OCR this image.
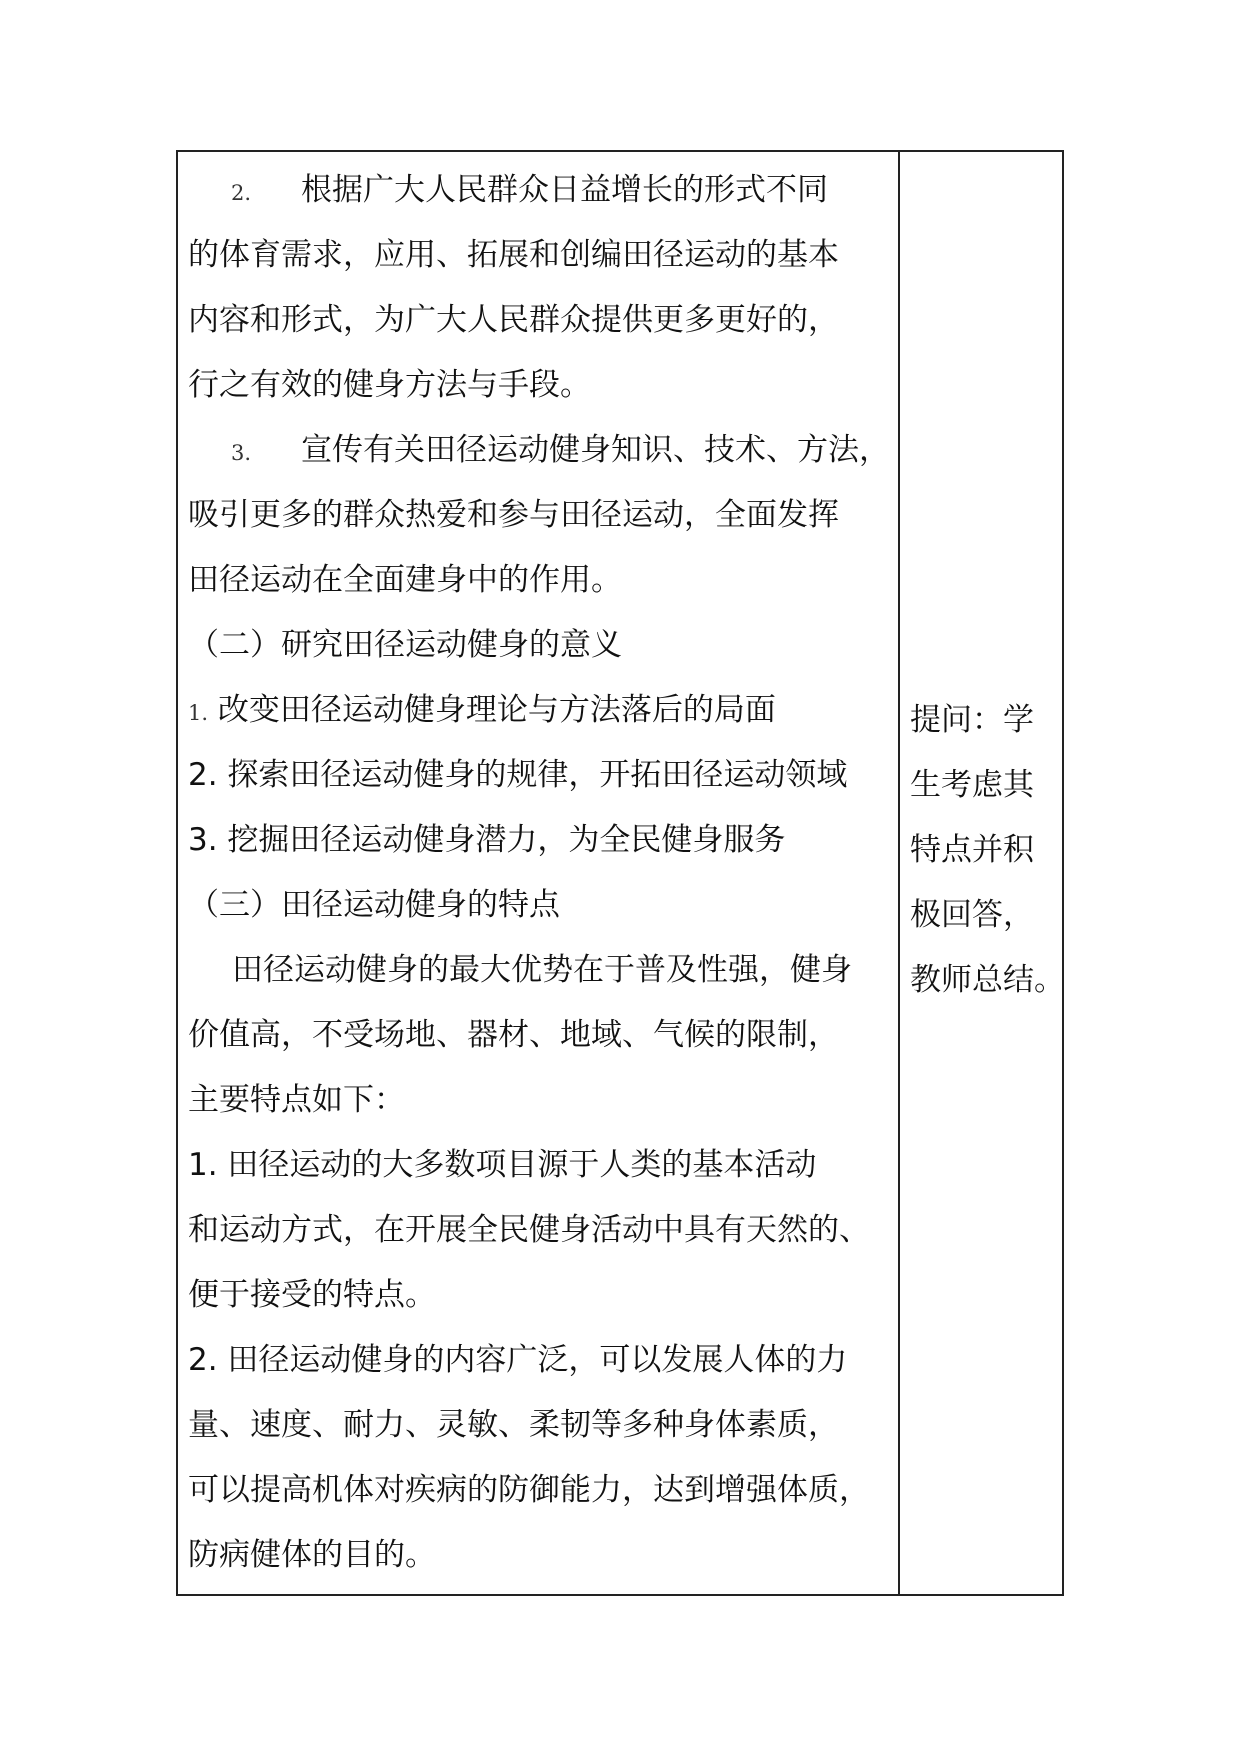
2. 根据广大人民群众日益增长的形式不同
的体育需求，应用、拓展和创编田径运动的基本
内容和形式，为广大人民群众提供更多更好的，
行之有效的健身方法与手段。
3. 宣传有关田径运动健身知识、技术、方法，
吸引更多的群众热爱和参与田径运动，全面发挥
田径运动在全面建身中的作用。
（二）研究田径运动健身的意义
1. 改变田径运动健身理论与方法落后的局面
2. 探索田径运动健身的规律，开拓田径运动领域
3. 挖掘田径运动健身潜力，为全民健身服务
（三）田径运动健身的特点
田径运动健身的最大优势在于普及性强，健身
价值高，不受场地、器材、地域、气候的限制，
主要特点如下：
1. 田径运动的大多数项目源于人类的基本活动
和运动方式，在开展全民健身活动中具有天然的、
便于接受的特点。
2. 田径运动健身的内容广泛，可以发展人体的力
量、速度、耐力、灵敏、柔韧等多种身体素质，
可以提高机体对疾病的防御能力，达到增强体质，
防病健体的目的。
提问：学
生考虑其
特点并积
极回答，
教师总结。
